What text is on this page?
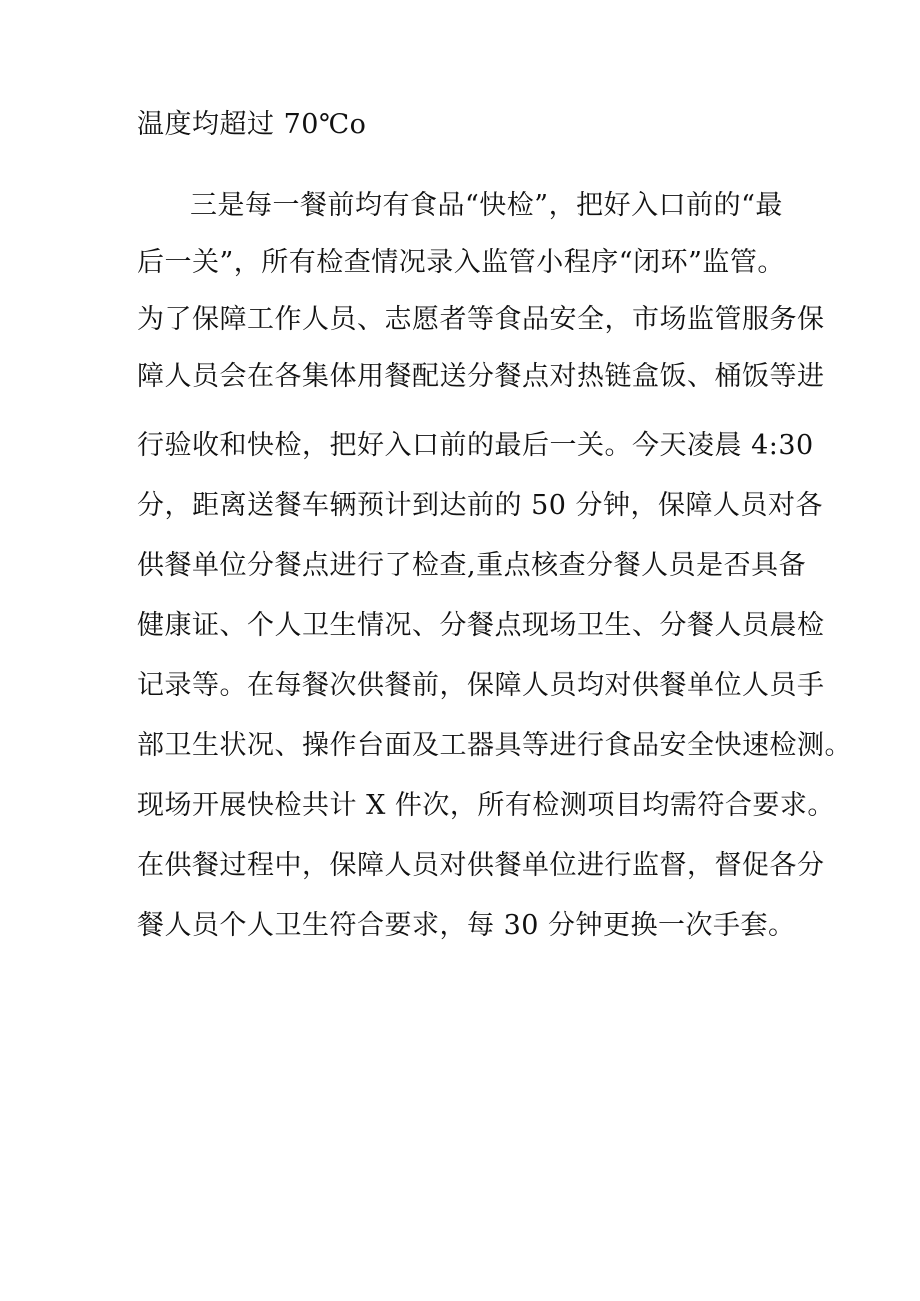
温度均超过 70℃o
三是每一餐前均有食品“快检”，把好入口前的“最
后一关”，所有检查情况录入监管小程序“闭环”监管。
为了保障工作人员、志愿者等食品安全，市场监管服务保
障人员会在各集体用餐配送分餐点对热链盒饭、桶饭等进
行验收和快检，把好入口前的最后一关。今天凌晨 4:30
分，距离送餐车辆预计到达前的 50 分钟，保障人员对各
供餐单位分餐点进行了检查,重点核查分餐人员是否具备
健康证、个人卫生情况、分餐点现场卫生、分餐人员晨检
记录等。在每餐次供餐前，保障人员均对供餐单位人员手
部卫生状况、操作台面及工器具等进行食品安全快速检测。
现场开展快检共计 X 件次，所有检测项目均需符合要求。
在供餐过程中，保障人员对供餐单位进行监督，督促各分
餐人员个人卫生符合要求，每 30 分钟更换一次手套。
